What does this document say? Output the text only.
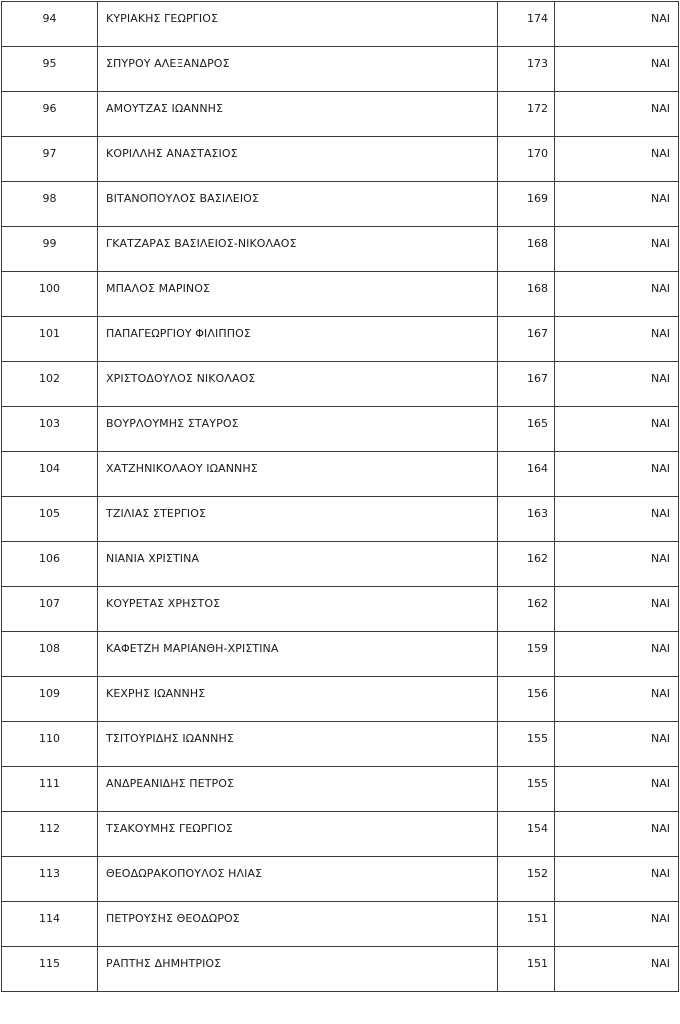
94	ΚΥΡΙΑΚΗΣ ΓΕΩΡΓΙΟΣ	174	ΝΑΙ

95	ΣΠΥΡΟΥ ΑΛΕΞΑΝΔΡΟΣ	173	ΝΑΙ

96	ΑΜΟΥΤΖΑΣ ΙΩΑΝΝΗΣ	172	ΝΑΙ

97	ΚΟΡΙΛΛΗΣ ΑΝΑΣΤΑΣΙΟΣ	170	ΝΑΙ

98	ΒΙΤΑΝΟΠΟΥΛΟΣ ΒΑΣΙΛΕΙΟΣ	169	ΝΑΙ

99	ΓΚΑΤΖΑΡΑΣ ΒΑΣΙΛΕΙΟΣ-ΝΙΚΟΛΑΟΣ	168	ΝΑΙ

100	ΜΠΑΛΟΣ ΜΑΡΙΝΟΣ	168	ΝΑΙ

101	ΠΑΠΑΓΕΩΡΓΙΟΥ ΦΙΛΙΠΠΟΣ	167	ΝΑΙ

102	ΧΡΙΣΤΟΔΟΥΛΟΣ ΝΙΚΟΛΑΟΣ	167	ΝΑΙ

103	ΒΟΥΡΛΟΥΜΗΣ ΣΤΑΥΡΟΣ	165	ΝΑΙ

104	ΧΑΤΖΗΝΙΚΟΛΑΟΥ ΙΩΑΝΝΗΣ	164	ΝΑΙ

105	ΤΖΙΛΙΑΣ ΣΤΕΡΓΙΟΣ	163	ΝΑΙ

106	ΝΙΑΝΙΑ ΧΡΙΣΤΙΝΑ	162	ΝΑΙ

107	ΚΟΥΡΕΤΑΣ ΧΡΗΣΤΟΣ	162	ΝΑΙ

108	ΚΑΦΕΤΖΗ ΜΑΡΙΑΝΘΗ-ΧΡΙΣΤΙΝΑ	159	ΝΑΙ

109	ΚΕΧΡΗΣ ΙΩΑΝΝΗΣ	156	ΝΑΙ

110	ΤΣΙΤΟΥΡΙΔΗΣ ΙΩΑΝΝΗΣ	155	ΝΑΙ

111	ΑΝΔΡΕΑΝΙΔΗΣ ΠΕΤΡΟΣ	155	ΝΑΙ

112	ΤΣΑΚΟΥΜΗΣ ΓΕΩΡΓΙΟΣ	154	ΝΑΙ

113	ΘΕΟΔΩΡΑΚΟΠΟΥΛΟΣ ΗΛΙΑΣ	152	ΝΑΙ

114	ΠΕΤΡΟΥΣΗΣ ΘΕΟΔΩΡΟΣ	151	ΝΑΙ

115	ΡΑΠΤΗΣ ΔΗΜΗΤΡΙΟΣ	151	ΝΑΙ
